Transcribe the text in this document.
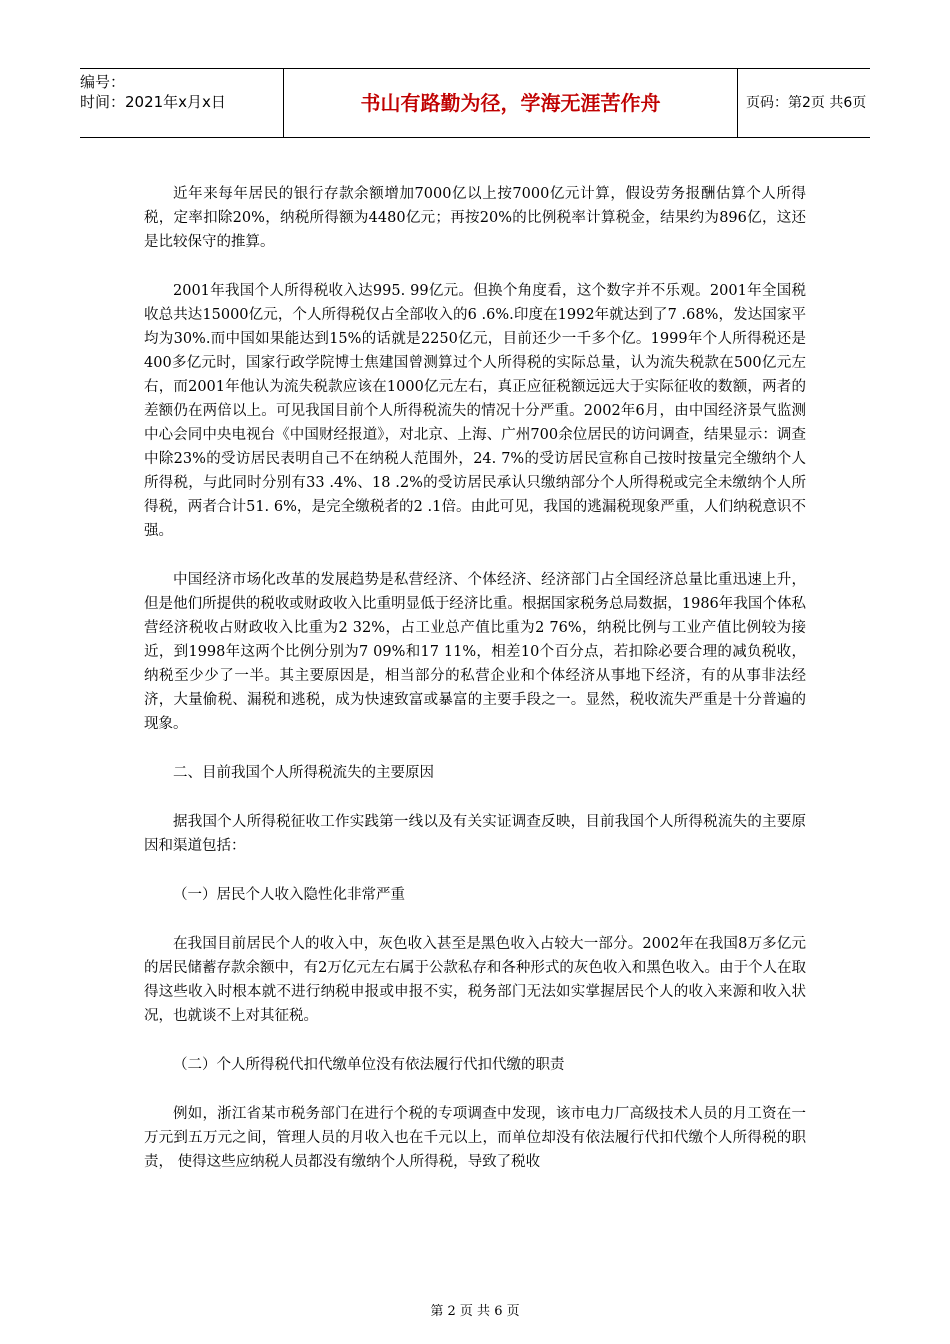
编号：
时间：2021年x月x日	书山有路勤为径，学海无涯苦作舟	页码：第2页 共6页

近年来每年居民的银行存款余额增加7000亿以上按7000亿元计算，假设劳务报酬估算个人所得税，定率扣除20%，纳税所得额为4480亿元；再按20%的比例税率计算税金，结果约为896亿，这还是比较保守的推算。

2001年我国个人所得税收入达995. 99亿元。但换个角度看，这个数字并不乐观。2001年全国税收总共达15000亿元，个人所得税仅占全部收入的6 .6%.印度在1992年就达到了7 .68%，发达国家平均为30%.而中国如果能达到15%的话就是2250亿元，目前还少一千多个亿。1999年个人所得税还是400多亿元时，国家行政学院博士焦建国曾测算过个人所得税的实际总量，认为流失税款在500亿元左右，而2001年他认为流失税款应该在1000亿元左右，真正应征税额远远大于实际征收的数额，两者的差额仍在两倍以上。可见我国目前个人所得税流失的情况十分严重。2002年6月，由中国经济景气监测中心会同中央电视台《中国财经报道》，对北京、上海、广州700余位居民的访问调查，结果显示：调查中除23%的受访居民表明自己不在纳税人范围外，24. 7%的受访居民宣称自己按时按量完全缴纳个人所得税，与此同时分别有33 .4%、18 .2%的受访居民承认只缴纳部分个人所得税或完全未缴纳个人所得税，两者合计51. 6%，是完全缴税者的2 .1倍。由此可见，我国的逃漏税现象严重，人们纳税意识不强。

中国经济市场化改革的发展趋势是私营经济、个体经济、经济部门占全国经济总量比重迅速上升，但是他们所提供的税收或财政收入比重明显低于经济比重。根据国家税务总局数据，1986年我国个体私营经济税收占财政收入比重为2 32%，占工业总产值比重为2 76%，纳税比例与工业产值比例较为接近，到1998年这两个比例分别为7 09%和17 11%，相差10个百分点，若扣除必要合理的减负税收，纳税至少少了一半。其主要原因是，相当部分的私营企业和个体经济从事地下经济，有的从事非法经济，大量偷税、漏税和逃税，成为快速致富或暴富的主要手段之一。显然，税收流失严重是十分普遍的现象。

二、目前我国个人所得税流失的主要原因

据我国个人所得税征收工作实践第一线以及有关实证调查反映，目前我国个人所得税流失的主要原因和渠道包括：

（一）居民个人收入隐性化非常严重

在我国目前居民个人的收入中，灰色收入甚至是黑色收入占较大一部分。2002年在我国8万多亿元的居民储蓄存款余额中，有2万亿元左右属于公款私存和各种形式的灰色收入和黑色收入。由于个人在取得这些收入时根本就不进行纳税申报或申报不实，税务部门无法如实掌握居民个人的收入来源和收入状况，也就谈不上对其征税。

（二）个人所得税代扣代缴单位没有依法履行代扣代缴的职责

例如，浙江省某市税务部门在进行个税的专项调查中发现，该市电力厂高级技术人员的月工资在一万元到五万元之间，管理人员的月收入也在千元以上，而单位却没有依法履行代扣代缴个人所得税的职责， 使得这些应纳税人员都没有缴纳个人所得税，导致了税收

第 2 页 共 6 页
